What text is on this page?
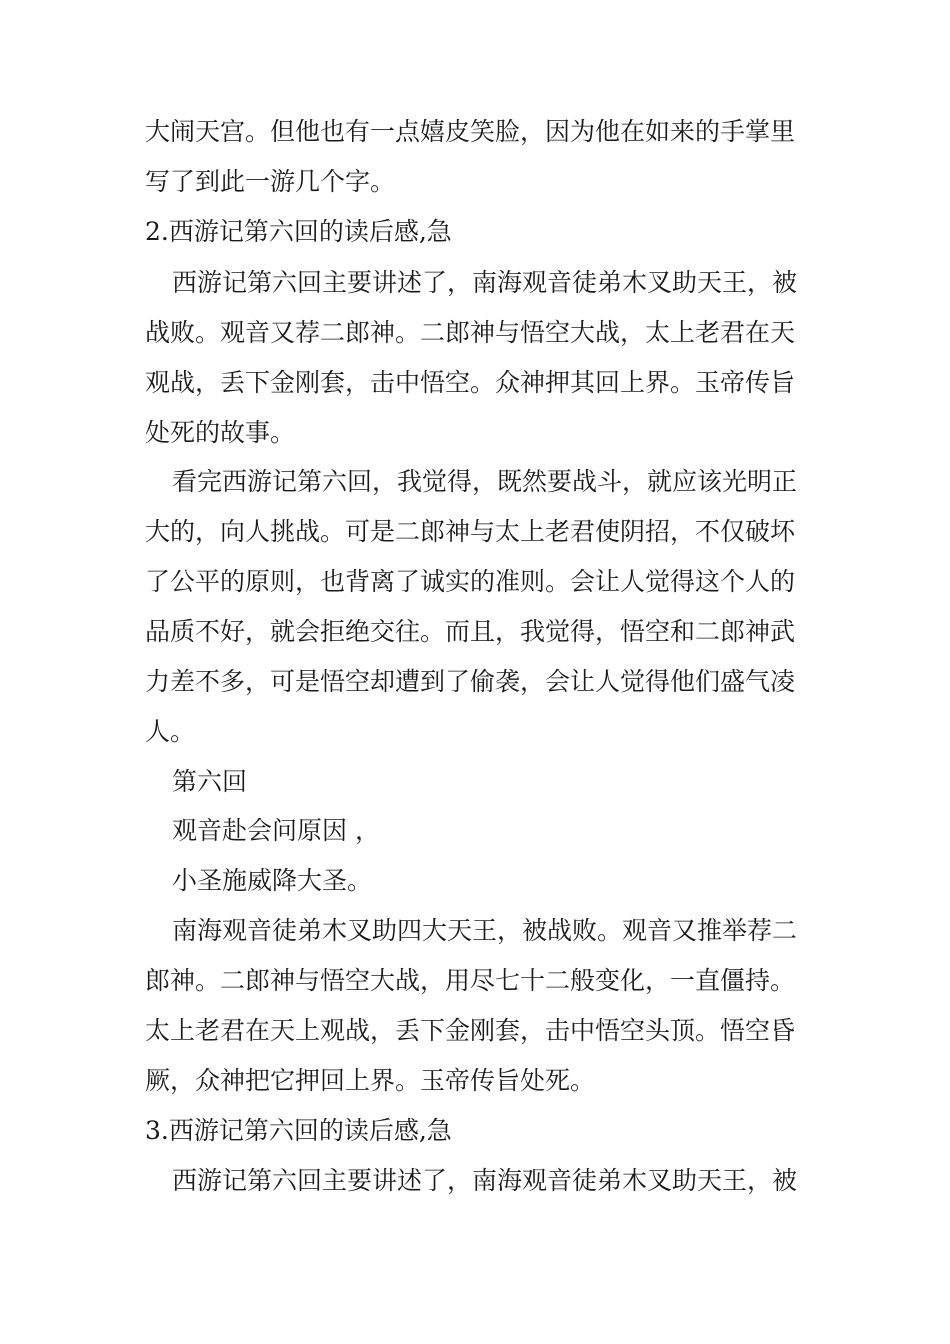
大闹天宫。但他也有一点嬉皮笑脸，因为他在如来的手掌里
写了到此一游几个字。
2.西游记第六回的读后感,急
西游记第六回主要讲述了，南海观音徒弟木叉助天王，被
战败。观音又荐二郎神。二郎神与悟空大战，太上老君在天
观战，丢下金刚套，击中悟空。众神押其回上界。玉帝传旨
处死的故事。
看完西游记第六回，我觉得，既然要战斗，就应该光明正
大的，向人挑战。可是二郎神与太上老君使阴招，不仅破坏
了公平的原则，也背离了诚实的准则。会让人觉得这个人的
品质不好，就会拒绝交往。而且，我觉得，悟空和二郎神武
力差不多，可是悟空却遭到了偷袭，会让人觉得他们盛气凌
人。
第六回
观音赴会问原因 ，
小圣施威降大圣。
南海观音徒弟木叉助四大天王，被战败。观音又推举荐二
郎神。二郎神与悟空大战，用尽七十二般变化，一直僵持。
太上老君在天上观战，丢下金刚套，击中悟空头顶。悟空昏
厥，众神把它押回上界。玉帝传旨处死。
3.西游记第六回的读后感,急
西游记第六回主要讲述了，南海观音徒弟木叉助天王，被
